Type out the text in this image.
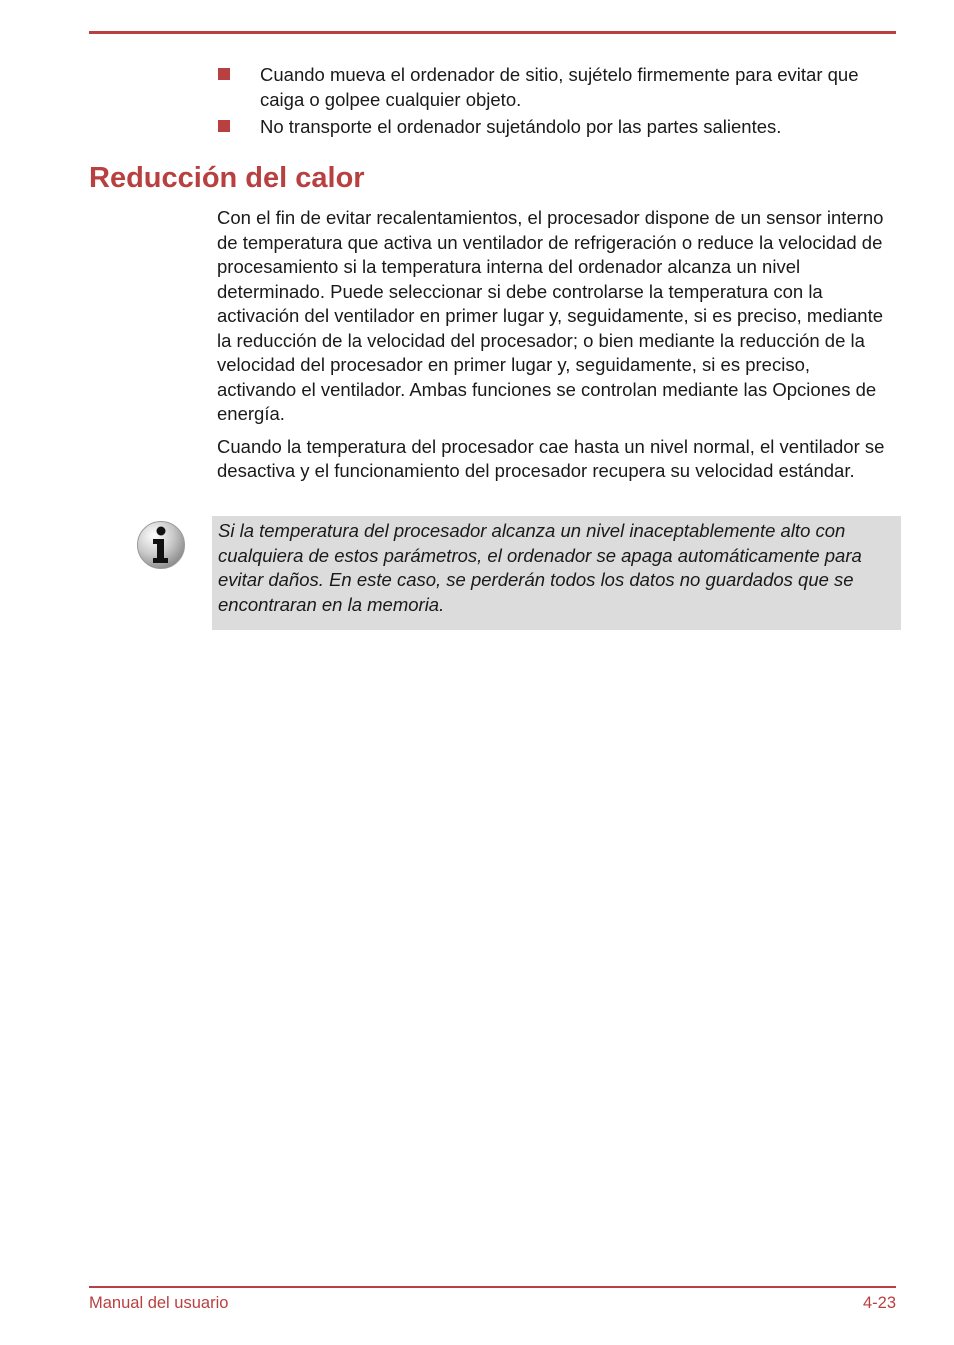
Cuando mueva el ordenador de sitio, sujételo firmemente para evitar que caiga o golpee cualquier objeto.
No transporte el ordenador sujetándolo por las partes salientes.
Reducción del calor

Con el fin de evitar recalentamientos, el procesador dispone de un sensor interno de temperatura que activa un ventilador de refrigeración o reduce la velocidad de procesamiento si la temperatura interna del ordenador alcanza un nivel determinado. Puede seleccionar si debe controlarse la temperatura con la activación del ventilador en primer lugar y, seguidamente, si es preciso, mediante la reducción de la velocidad del procesador; o bien mediante la reducción de la velocidad del procesador en primer lugar y, seguidamente, si es preciso, activando el ventilador. Ambas funciones se controlan mediante las Opciones de energía.

Cuando la temperatura del procesador cae hasta un nivel normal, el ventilador se desactiva y el funcionamiento del procesador recupera su velocidad estándar.

Si la temperatura del procesador alcanza un nivel inaceptablemente alto con cualquiera de estos parámetros, el ordenador se apaga automáticamente para evitar daños. En este caso, se perderán todos los datos no guardados que se encontraran en la memoria.

Manual del usuario	4-23
